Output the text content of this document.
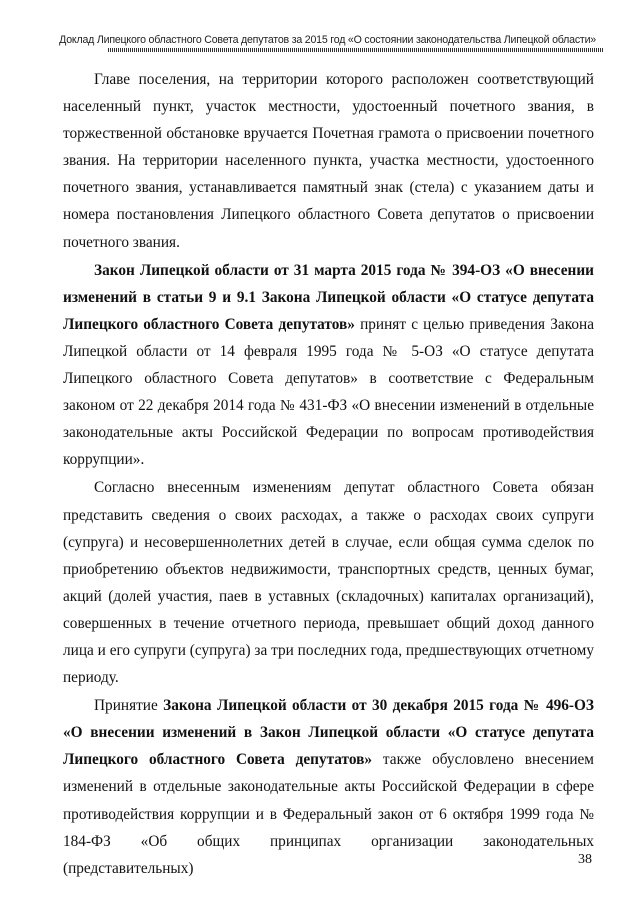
Доклад Липецкого областного Совета депутатов за 2015 год «О состоянии законодательства Липецкой области»

Главе поселения, на территории которого расположен соответствующий населенный пункт, участок местности, удостоенный почетного звания, в торжественной обстановке вручается Почетная грамота о присвоении почетного звания. На территории населенного пункта, участка местности, удостоенного почетного звания, устанавливается памятный знак (стела) с указанием даты и номера постановления Липецкого областного Совета депутатов о присвоении почетного звания.

Закон Липецкой области от 31 марта 2015 года № 394-ОЗ «О внесении изменений в статьи 9 и 9.1 Закона Липецкой области «О статусе депутата Липецкого областного Совета депутатов» принят с целью приведения Закона Липецкой области от 14 февраля 1995 года № 5-ОЗ «О статусе депутата Липецкого областного Совета депутатов» в соответствие с Федеральным законом от 22 декабря 2014 года № 431-ФЗ «О внесении изменений в отдельные законодательные акты Российской Федерации по вопросам противодействия коррупции».

Согласно внесенным изменениям депутат областного Совета обязан представить сведения о своих расходах, а также о расходах своих супруги (супруга) и несовершеннолетних детей в случае, если общая сумма сделок по приобретению объектов недвижимости, транспортных средств, ценных бумаг, акций (долей участия, паев в уставных (складочных) капиталах организаций), совершенных в течение отчетного периода, превышает общий доход данного лица и его супруги (супруга) за три последних года, предшествующих отчетному периоду.

Принятие Закона Липецкой области от 30 декабря 2015 года № 496-ОЗ «О внесении изменений в Закон Липецкой области «О статусе депутата Липецкого областного Совета депутатов» также обусловлено внесением изменений в отдельные законодательные акты Российской Федерации в сфере противодействия коррупции и в Федеральный закон от 6 октября 1999 года № 184-ФЗ «Об общих принципах организации законодательных (представительных)

38
